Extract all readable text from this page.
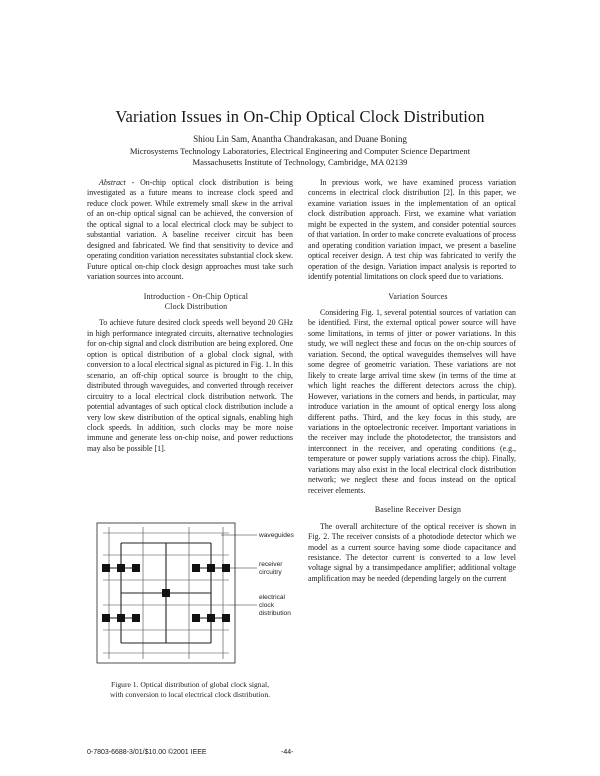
Variation Issues in On-Chip Optical Clock Distribution
Shiou Lin Sam, Anantha Chandrakasan, and Duane Boning
Microsystems Technology Laboratories, Electrical Engineering and Computer Science Department
Massachusetts Institute of Technology, Cambridge, MA 02139

Abstract - On-chip optical clock distribution is being investigated as a future means to increase clock speed and reduce clock power. While extremely small skew in the arrival of an on-chip optical signal can be achieved, the conversion of the optical signal to a local electrical clock may be subject to substantial variation. A baseline receiver circuit has been designed and fabricated. We find that sensitivity to device and operating condition variation necessitates substantial clock skew. Future optical on-chip clock design approaches must take such variation sources into account.

Introduction - On-Chip Optical

Clock Distribution

To achieve future desired clock speeds well beyond 20 GHz in high performance integrated circuits, alternative technologies for on-chip signal and clock distribution are being explored. One option is optical distribution of a global clock signal, with conversion to a local electrical signal as pictured in Fig. 1. In this scenario, an off-chip optical source is brought to the chip, distributed through waveguides, and converted through receiver circuitry to a local electrical clock distribution network. The potential advantages of such optical clock distribution include a very low skew distribution of the optical signals, enabling high clock speeds. In addition, such clocks may be more noise immune and generate less on-chip noise, and power reductions may also be possible [1].

waveguides
receiver
circuitry
electrical
clock
distribution
Figure 1. Optical distribution of global clock signal,
with conversion to local electrical clock distribution.

In previous work, we have examined process variation concerns in electrical clock distribution [2]. In this paper, we examine variation issues in the implementation of an optical clock distribution approach. First, we examine what variation might be expected in the system, and consider potential sources of that variation. In order to make concrete evaluations of process and operating condition variation impact, we present a baseline optical receiver design. A test chip was fabricated to verify the operation of the design. Variation impact analysis is reported to identify potential limitations on clock speed due to variations.

Variation Sources

Considering Fig. 1, several potential sources of variation can be identified. First, the external optical power source will have some limitations, in terms of jitter or power variations. In this study, we will neglect these and focus on the on-chip sources of variation. Second, the optical waveguides themselves will have some degree of geometric variation. These variations are not likely to create large arrival time skew (in terms of the time at which light reaches the different detectors across the chip). However, variations in the corners and bends, in particular, may introduce variation in the amount of optical energy loss along different paths. Third, and the key focus in this study, are variations in the optoelectronic receiver. Important variations in the receiver may include the photodetector, the transistors and interconnect in the receiver, and operating conditions (e.g., temperature or power supply variations across the chip). Finally, variations may also exist in the local electrical clock distribution network; we neglect these and focus instead on the optical receiver elements.

Baseline Receiver Design

The overall architecture of the optical receiver is shown in Fig. 2. The receiver consists of a photodiode detector which we model as a current source having some diode capacitance and resistance. The detector current is converted to a low level voltage signal by a transimpedance amplifier; additional voltage amplification may be needed (depending largely on the current

0-7803-6688-3/01/$10.00 ©2001 IEEE	-44-
